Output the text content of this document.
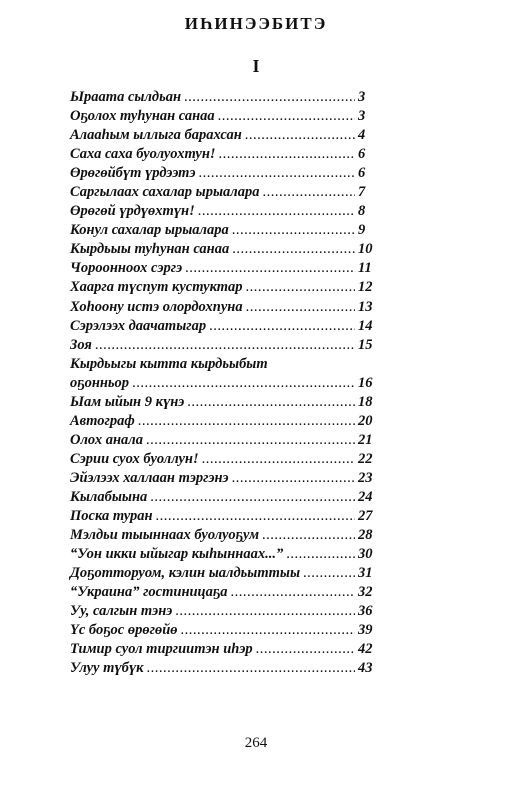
ИҺИНЭЭБИТЭ
I
Ыраата сылдьан .....	3
Оҕолох туһунан санаа .....	3
Алааһым ыллыга барахсан .....	4
Саха саха буолуохтун! .....	6
Өрөгөйбүт үрдээтэ .....	6
Саргылаах сахалар ырыалара .....	7
Өрөгөй үрдүөхтүн! .....	8
Конул сахалар ырыалара .....	9
Кырдьыы туһунан санаа .....	10
Чороонноох сэргэ .....	11
Хаарга түспут кустуктар .....	12
Хоһоону истэ олордохпуна .....	13
Сэрэлээх даачатыгар .....	14
Зоя .....	15
Кырдьыгы кытта кырдьыбыт
оҕонньор .....	16
Ыам ыйын 9 күнэ .....	18
Автограф .....	20
Олох анала .....	21
Сэрии суох буоллун! .....	22
Эйэлээх халлаан тэргэнэ .....	23
Кылабыына .....	24
Поска туран .....	27
Мэлдьи тыыннаах буолуоҕум .....	28
“Уон икки ыйыгар кыһыннаах...” .....	30
Доҕотторуом, кэлин ыалдьыттыы .....	31
“Украина” гостиницаҕа .....	32
Уу, салгын тэнэ .....	36
Үс боҕос өрөгөйө .....	39
Тимир суол тиргиитэн иһэр .....	42
Улуу түбүк .....	43
264
